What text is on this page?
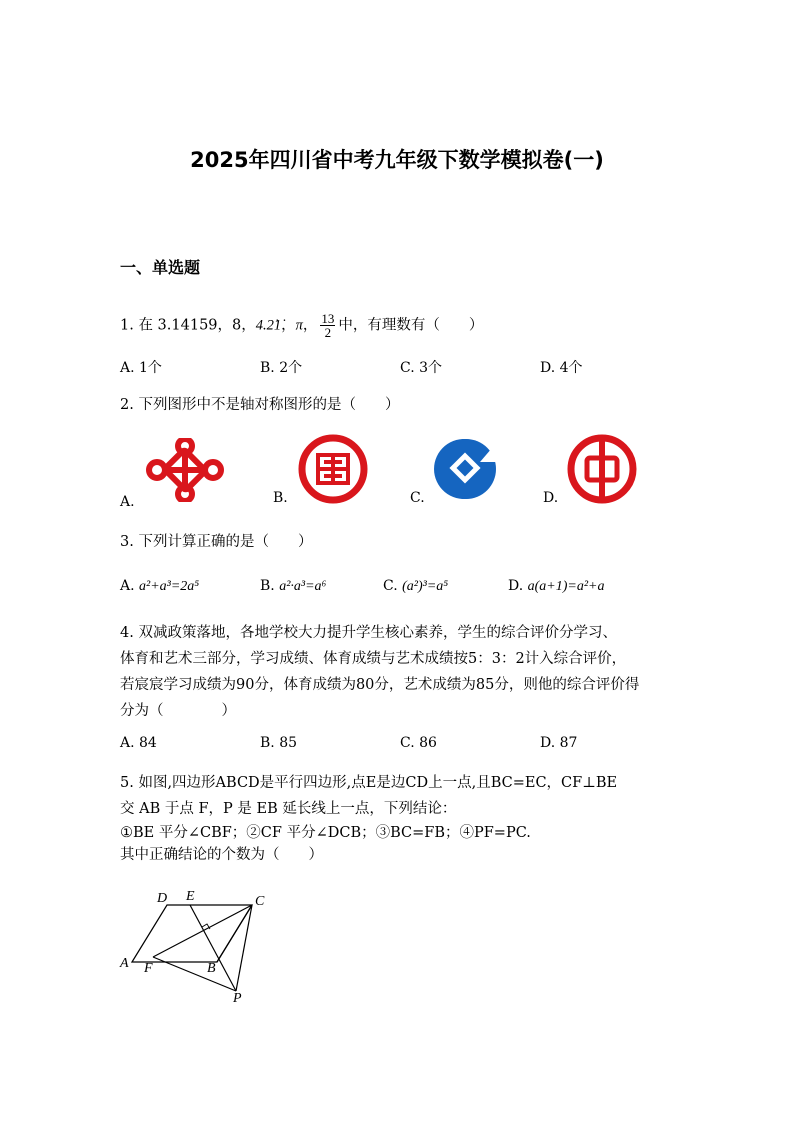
2025年四川省中考九年级下数学模拟卷(一)
一、单选题
1. 在 3.14159，8，4.2̇1̇，π， $\frac{13}{2}$ 中，有理数有（　　）
A. 1个	B. 2个	C. 3个	D. 4个
2. 下列图形中不是轴对称图形的是（　　）
A.	B.	C.	D.
3. 下列计算正确的是（　　）
A. a²+a³=2a⁵	B. a²·a³=a⁶	C. (a²)³=a⁵	D. a(a+1)=a²+a
4. 双减政策落地，各地学校大力提升学生核心素养，学生的综合评价分学习、
体育和艺术三部分，学习成绩、体育成绩与艺术成绩按5：3：2计入综合评价，
若宸宸学习成绩为90分，体育成绩为80分，艺术成绩为85分，则他的综合评价得
分为（　　　　）
A. 84	B. 85	C. 86	D. 87
5. 如图,四边形ABCD是平行四边形,点E是边CD上一点,且BC=EC，CF⊥BE
交 AB 于点 F，P 是 EB 延长线上一点，下列结论：
①BE 平分∠CBF；②CF 平分∠DCB；③BC=FB；④PF=PC.
其中正确结论的个数为（　　）
D E	C
A F	B
P
